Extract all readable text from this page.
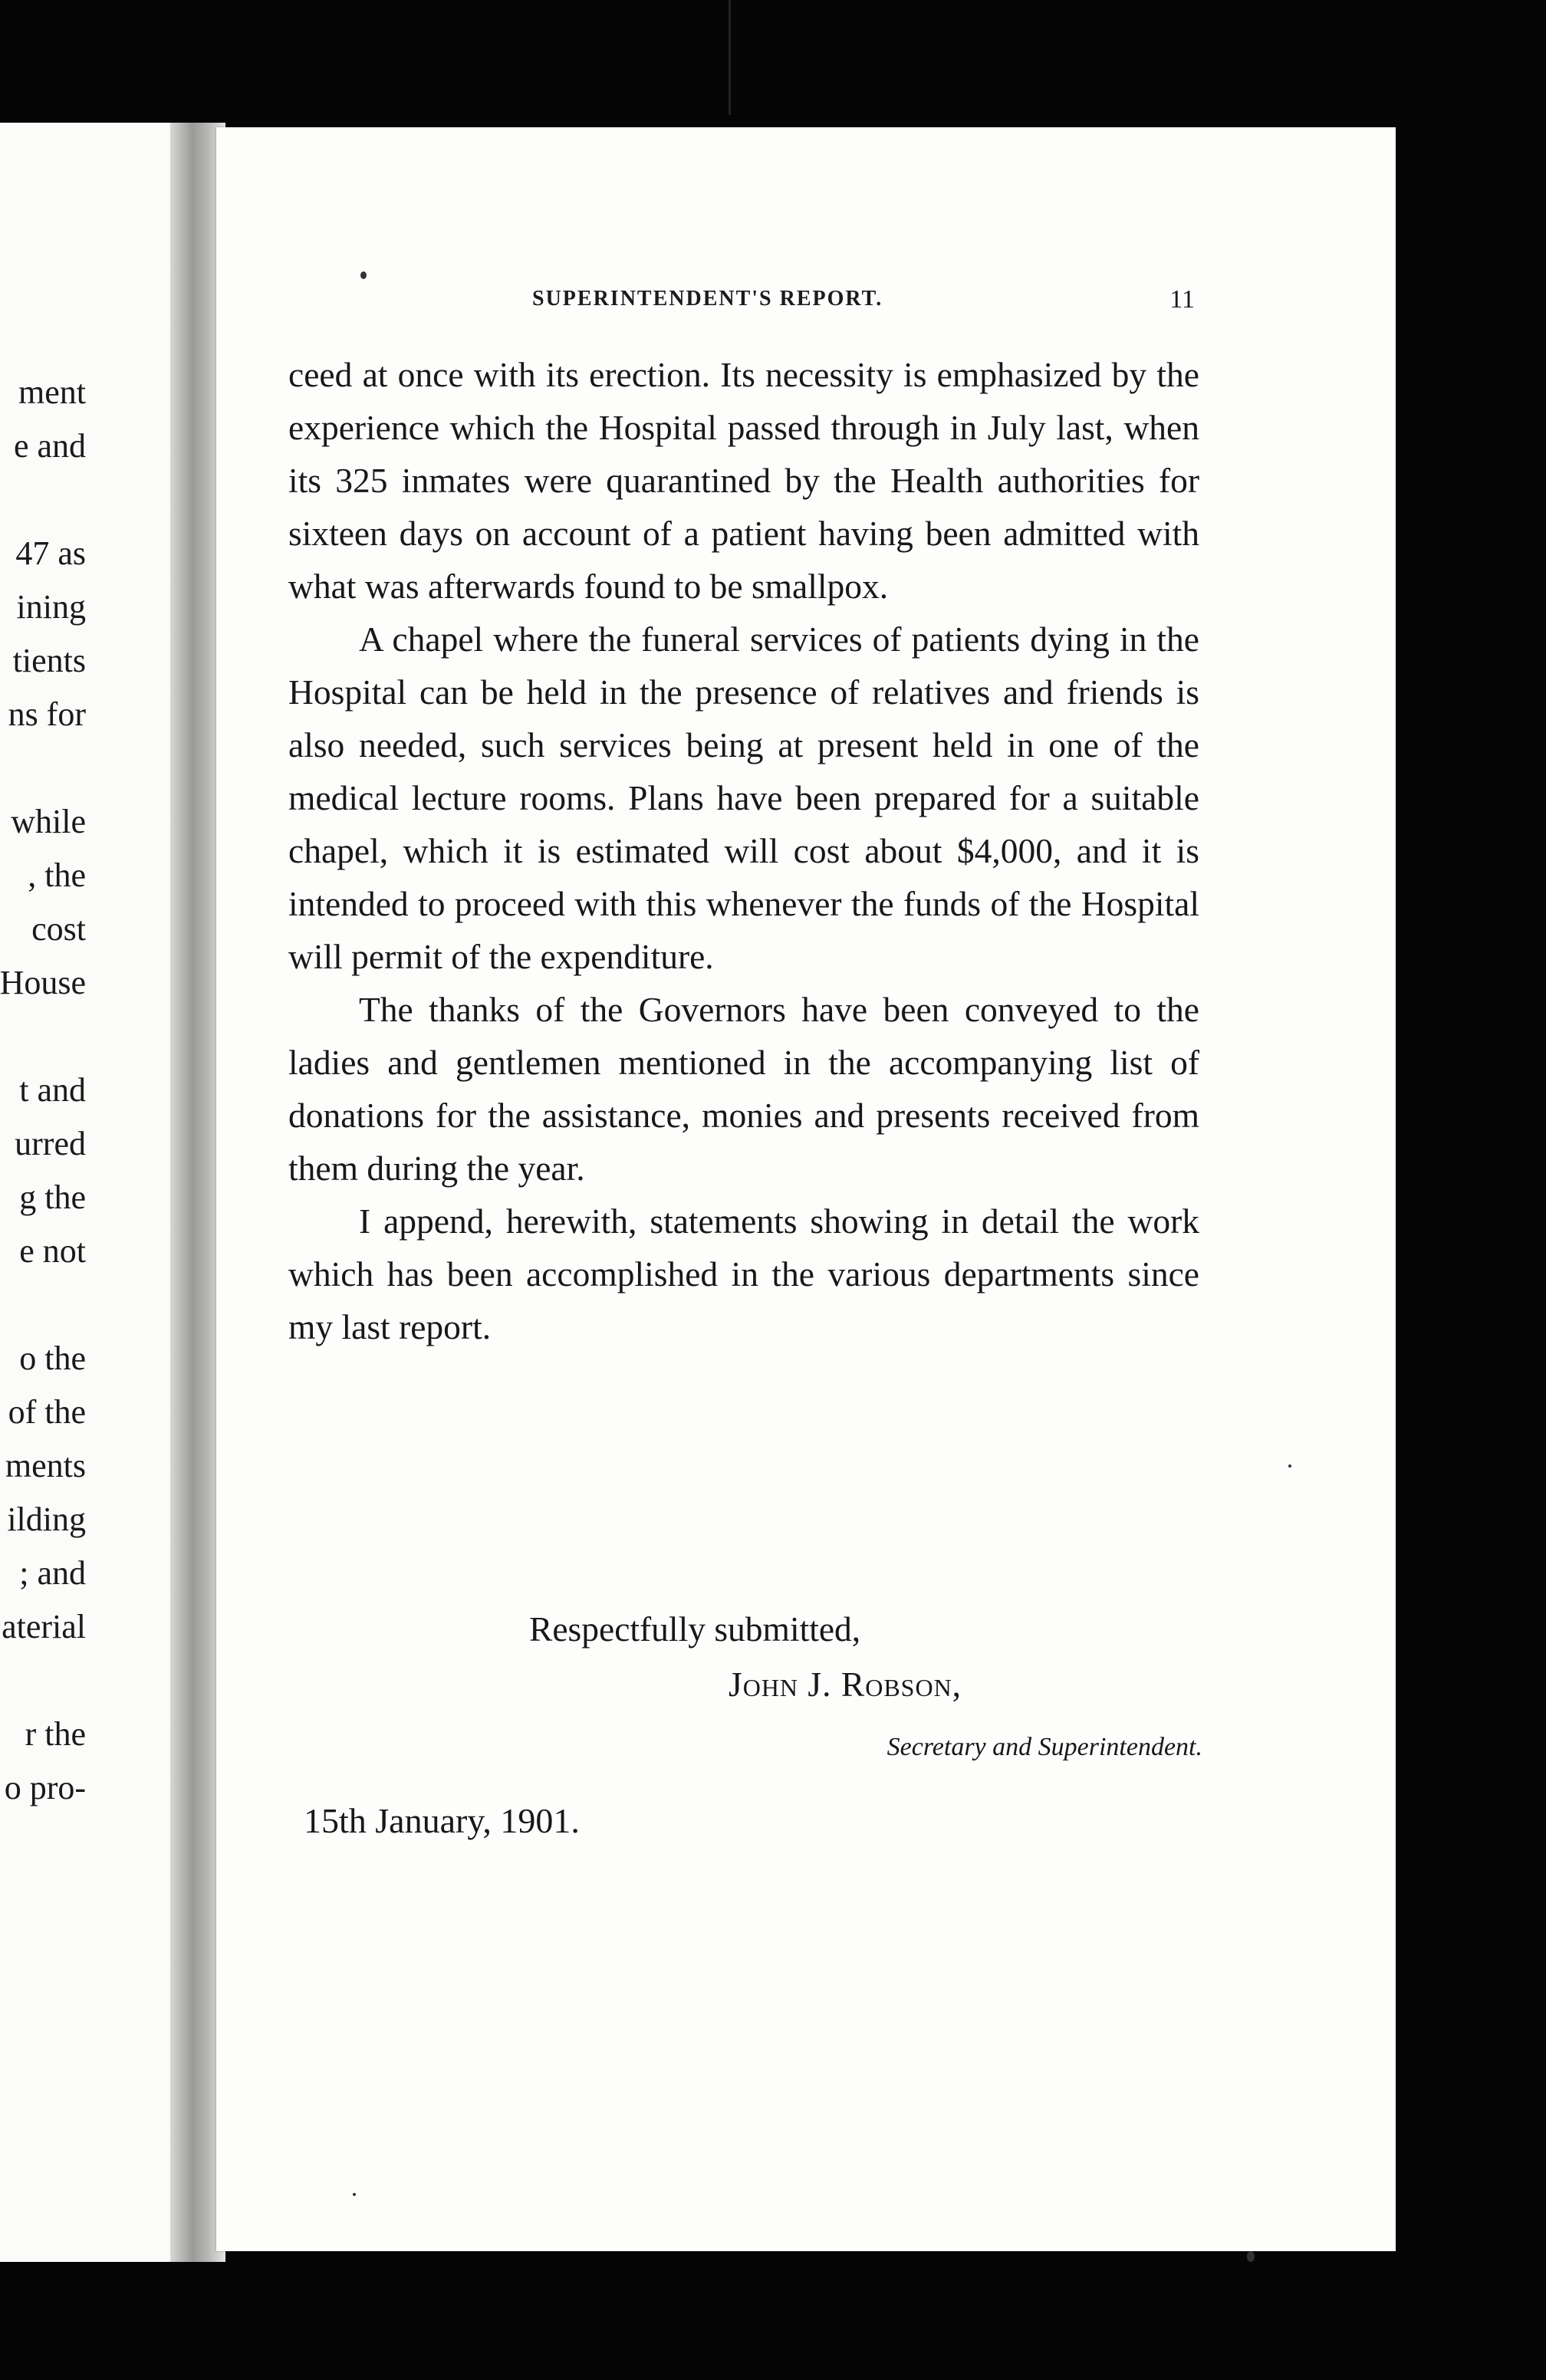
ment
e and
47 as
ining
tients
ns for
while
, the
cost
House
t and
urred
g the
e not
o the
of the
ments
ilding
; and
aterial
r the
o pro-
SUPERINTENDENT'S REPORT.	11

ceed at once with its erection. Its necessity is emphasized by the experience which the Hospital passed through in July last, when its 325 inmates were quarantined by the Health authorities for sixteen days on account of a patient having been admitted with what was afterwards found to be smallpox.

A chapel where the funeral services of patients dying in the Hospital can be held in the presence of relatives and friends is also needed, such services being at present held in one of the medical lecture rooms. Plans have been prepared for a suitable chapel, which it is estimated will cost about $4,000, and it is intended to proceed with this whenever the funds of the Hospital will permit of the expenditure.

The thanks of the Governors have been conveyed to the ladies and gentlemen mentioned in the accompanying list of donations for the assistance, monies and presents received from them during the year.

I append, herewith, statements showing in detail the work which has been accomplished in the various departments since my last report.

Respectfully submitted,
John J. Robson,
Secretary and Superintendent.
15th January, 1901.
